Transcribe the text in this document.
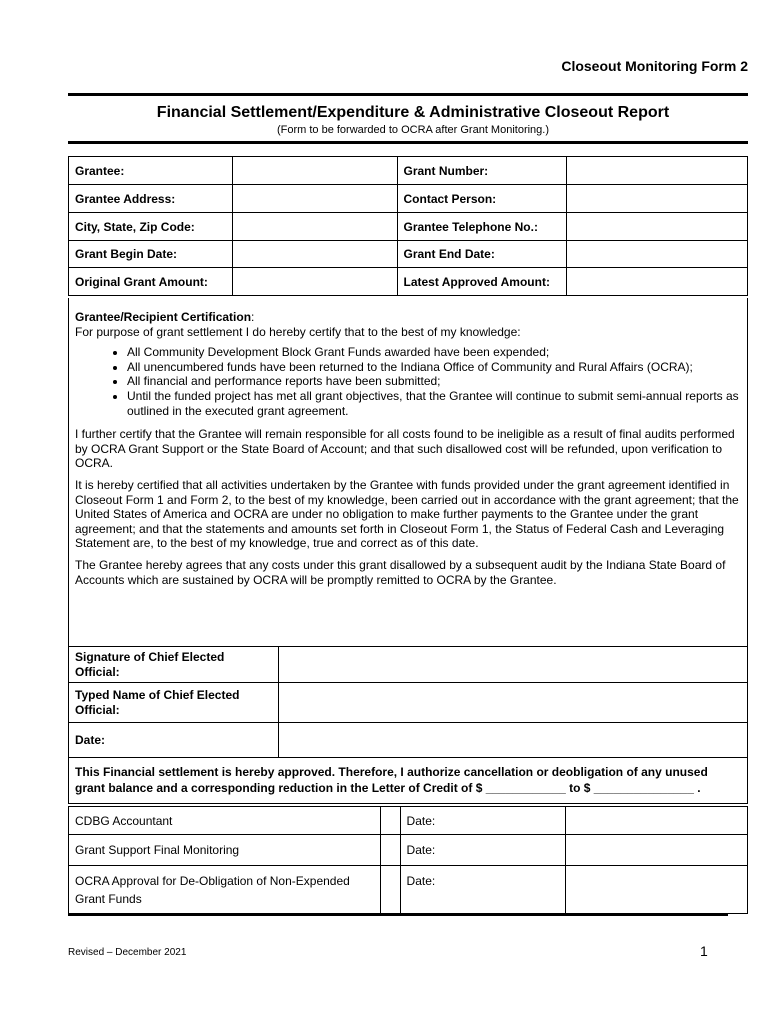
Closeout Monitoring Form 2
Financial Settlement/Expenditure & Administrative Closeout Report
(Form to be forwarded to OCRA after Grant Monitoring.)
Grantee:		Grant Number:	
Grantee Address:		Contact Person:	
City, State, Zip Code:		Grantee Telephone No.:	
Grant Begin Date:		Grant End Date:	
Original Grant Amount:		Latest Approved Amount:	

Grantee/Recipient Certification:

For purpose of grant settlement I do hereby certify that to the best of my knowledge:

• All Community Development Block Grant Funds awarded have been expended;
• All unencumbered funds have been returned to the Indiana Office of Community and Rural Affairs (OCRA);
• All financial and performance reports have been submitted;
• Until the funded project has met all grant objectives, that the Grantee will continue to submit semi-annual reports as outlined in the executed grant agreement.

I further certify that the Grantee will remain responsible for all costs found to be ineligible as a result of final audits performed by OCRA Grant Support or the State Board of Account; and that such disallowed cost will be refunded, upon verification to OCRA.

It is hereby certified that all activities undertaken by the Grantee with funds provided under the grant agreement identified in Closeout Form 1 and Form 2, to the best of my knowledge, been carried out in accordance with the grant agreement; that the United States of America and OCRA are under no obligation to make further payments to the Grantee under the grant agreement; and that the statements and amounts set forth in Closeout Form 1, the Status of Federal Cash and Leveraging Statement are, to the best of my knowledge, true and correct as of this date.

The Grantee hereby agrees that any costs under this grant disallowed by a subsequent audit by the Indiana State Board of Accounts which are sustained by OCRA will be promptly remitted to OCRA by the Grantee.

Signature of Chief Elected Official:	
Typed Name of Chief Elected Official:	
Date:	
This Financial settlement is hereby approved. Therefore, I authorize cancellation or deobligation of any unused
grant balance and a corresponding reduction in the Letter of Credit of $ ____________ to $ _______________ .
CDBG Accountant		Date:	
Grant Support Final Monitoring		Date:	
OCRA Approval for De-Obligation of Non-Expended Grant Funds		Date:	
Revised – December 2021	1
